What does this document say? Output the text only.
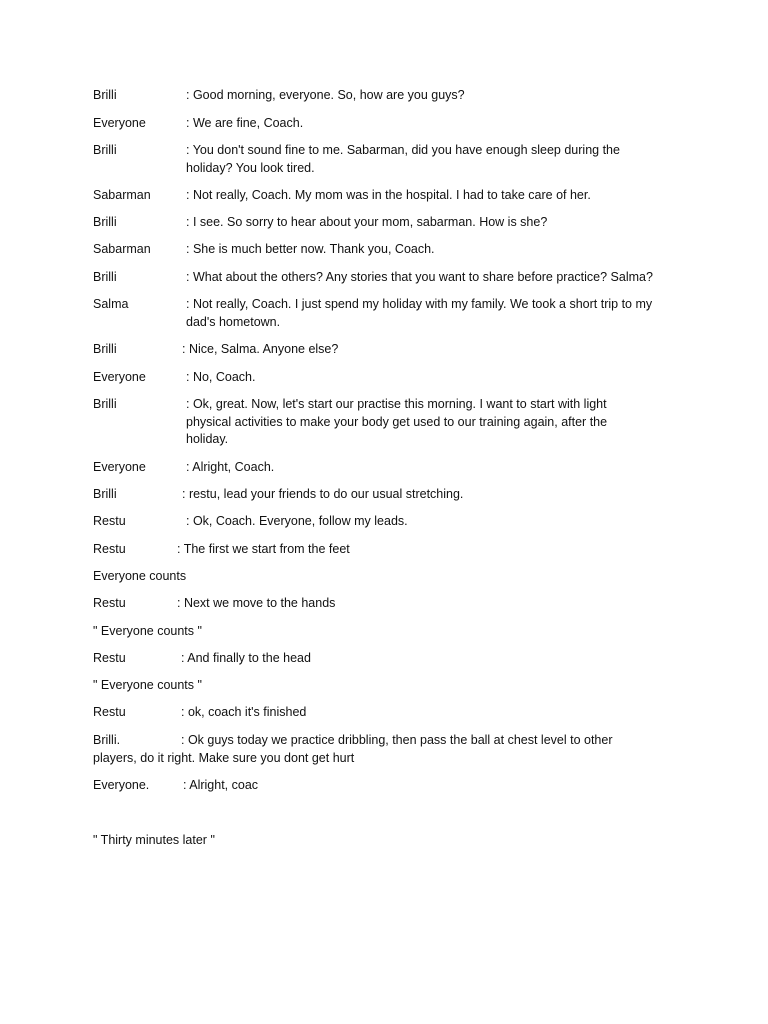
Brilli	: Good morning, everyone. So, how are you guys?
Everyone	: We are fine, Coach.
Brilli	: You don't sound fine to me. Sabarman, did you have enough sleep during the holiday? You look tired.
Sabarman	: Not really, Coach. My mom was in the hospital. I had to take care of her.
Brilli	: I see. So sorry to hear about your mom, sabarman. How is she?
Sabarman	: She is much better now. Thank you, Coach.
Brilli	: What about the others? Any stories that you want to share before practice? Salma?
Salma	: Not really, Coach. I just spend my holiday with my family. We took a short trip to my dad's hometown.
Brilli	: Nice, Salma. Anyone else?
Everyone	: No, Coach.
Brilli	: Ok, great. Now, let's start our practise this morning. I want to start with light physical activities to make your body get used to our training again, after the holiday.
Everyone	: Alright, Coach.
Brilli	: restu, lead your friends to do our usual stretching.
Restu	: Ok, Coach. Everyone, follow my leads.
Restu	: The first we start from the feet
Everyone counts
Restu	: Next we move to the hands
" Everyone counts "
Restu	: And finally to the head
" Everyone counts "
Restu	: ok, coach it's finished
Brilli.	: Ok guys today we practice dribbling, then pass the ball at chest level to other
players, do it right. Make sure you dont get hurt
Everyone.	: Alright, coac
" Thirty minutes later "
